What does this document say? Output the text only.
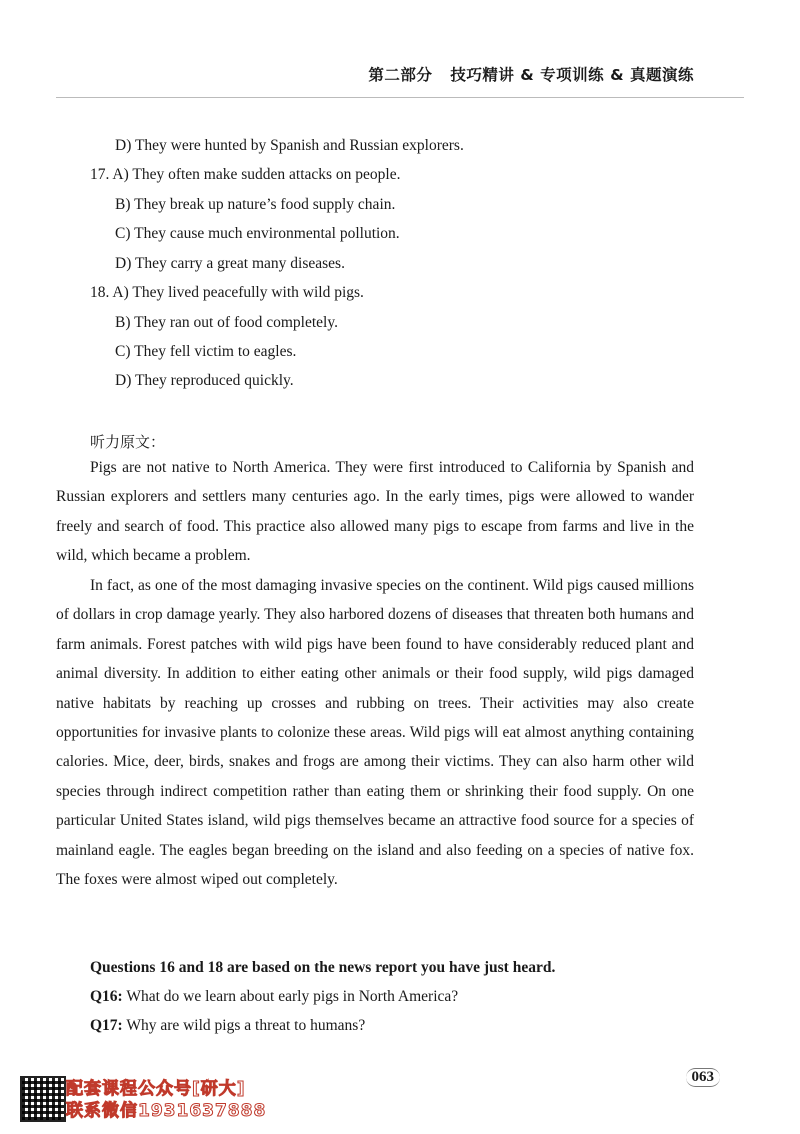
第二部分 技巧精讲 & 专项训练 & 真题演练
D) They were hunted by Spanish and Russian explorers.
17. A) They often make sudden attacks on people.
B) They break up nature’s food supply chain.
C) They cause much environmental pollution.
D) They carry a great many diseases.
18. A) They lived peacefully with wild pigs.
B) They ran out of food completely.
C) They fell victim to eagles.
D) They reproduced quickly.
听力原文：

Pigs are not native to North America. They were first introduced to California by Spanish and Russian explorers and settlers many centuries ago. In the early times, pigs were allowed to wander freely and search of food. This practice also allowed many pigs to escape from farms and live in the wild, which became a problem.

In fact, as one of the most damaging invasive species on the continent. Wild pigs caused millions of dollars in crop damage yearly. They also harbored dozens of diseases that threaten both humans and farm animals. Forest patches with wild pigs have been found to have considerably reduced plant and animal diversity. In addition to either eating other animals or their food supply, wild pigs damaged native habitats by reaching up crosses and rubbing on trees. Their activities may also create opportunities for invasive plants to colonize these areas. Wild pigs will eat almost anything containing calories. Mice, deer, birds, snakes and frogs are among their victims. They can also harm other wild species through indirect competition rather than eating them or shrinking their food supply. On one particular United States island, wild pigs themselves became an attractive food source for a species of mainland eagle. The eagles began breeding on the island and also feeding on a species of native fox. The foxes were almost wiped out completely.

Questions 16 and 18 are based on the news report you have just heard.
Q16: What do we learn about early pigs in North America?
Q17: Why are wild pigs a threat to humans?
配套课程公众号[研大]
联系微信1931637888
063
